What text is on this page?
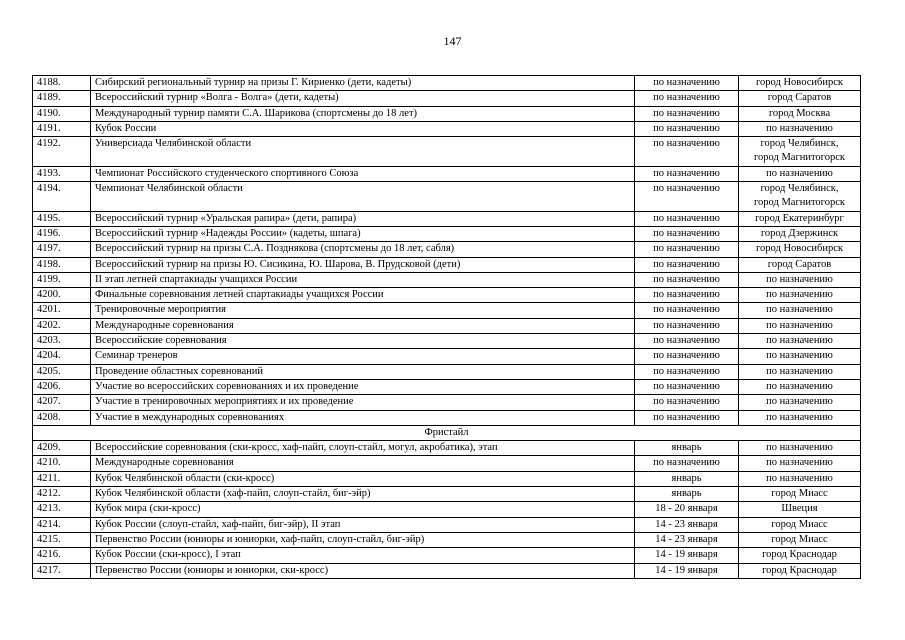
147
4188.	Сибирский региональный турнир на призы Г. Кириенко (дети, кадеты)	по назначению	город Новосибирск
4189.	Всероссийский турнир «Волга - Волга» (дети, кадеты)	по назначению	город Саратов
4190.	Международный турнир памяти С.А. Шарикова (спортсмены до 18 лет)	по назначению	город Москва
4191.	Кубок России	по назначению	по назначению
4192.	Универсиада Челябинской области	по назначению	город Челябинск,
город Магнитогорск

4193.	Чемпионат Российского студенческого спортивного Союза	по назначению	по назначению
4194.	Чемпионат Челябинской области	по назначению	город Челябинск,
город Магнитогорск

4195.	Всероссийский турнир «Уральская рапира» (дети, рапира)	по назначению	город Екатеринбург
4196.	Всероссийский турнир «Надежды России» (кадеты, шпага)	по назначению	город Дзержинск
4197.	Всероссийский турнир на призы С.А. Позднякова (спортсмены до 18 лет, сабля)	по назначению	город Новосибирск
4198.	Всероссийский турнир на призы Ю. Сисикина, Ю. Шарова, В. Прудсковой (дети)	по назначению	город Саратов
4199.	II этап летней спартакиады учащихся России	по назначению	по назначению
4200.	Финальные соревнования летней спартакиады учащихся России	по назначению	по назначению
4201.	Тренировочные мероприятия	по назначению	по назначению
4202.	Международные соревнования	по назначению	по назначению
4203.	Всероссийские соревнования	по назначению	по назначению
4204.	Семинар тренеров	по назначению	по назначению
4205.	Проведение областных соревнований	по назначению	по назначению
4206.	Участие во всероссийских соревнованиях и их проведение	по назначению	по назначению
4207.	Участие в тренировочных мероприятиях и их проведение	по назначению	по назначению
4208.	Участие в международных соревнованиях	по назначению	по назначению
Фристайл			
4209.	Всероссийские соревнования (ски-кросс, хаф-пайп, слоуп-стайл, могул, акробатика), этап	январь	по назначению
4210.	Международные соревнования	по назначению	по назначению
4211.	Кубок Челябинской области (ски-кросс)	январь	по назначению
4212.	Кубок Челябинской области (хаф-пайп, слоуп-стайл, биг-эйр)	январь	город Миасс
4213.	Кубок мира (ски-кросс)	18 - 20 января	Швеция
4214.	Кубок России (слоуп-стайл, хаф-пайп, биг-эйр), II этап	14 - 23 января	город Миасс
4215.	Первенство России (юниоры и юниорки, хаф-пайп, слоуп-стайл, биг-эйр)	14 - 23 января	город Миасс
4216.	Кубок России (ски-кросс), I этап	14 - 19 января	город Краснодар
4217.	Первенство России (юниоры и юниорки, ски-кросс)	14 - 19 января	город Краснодар
